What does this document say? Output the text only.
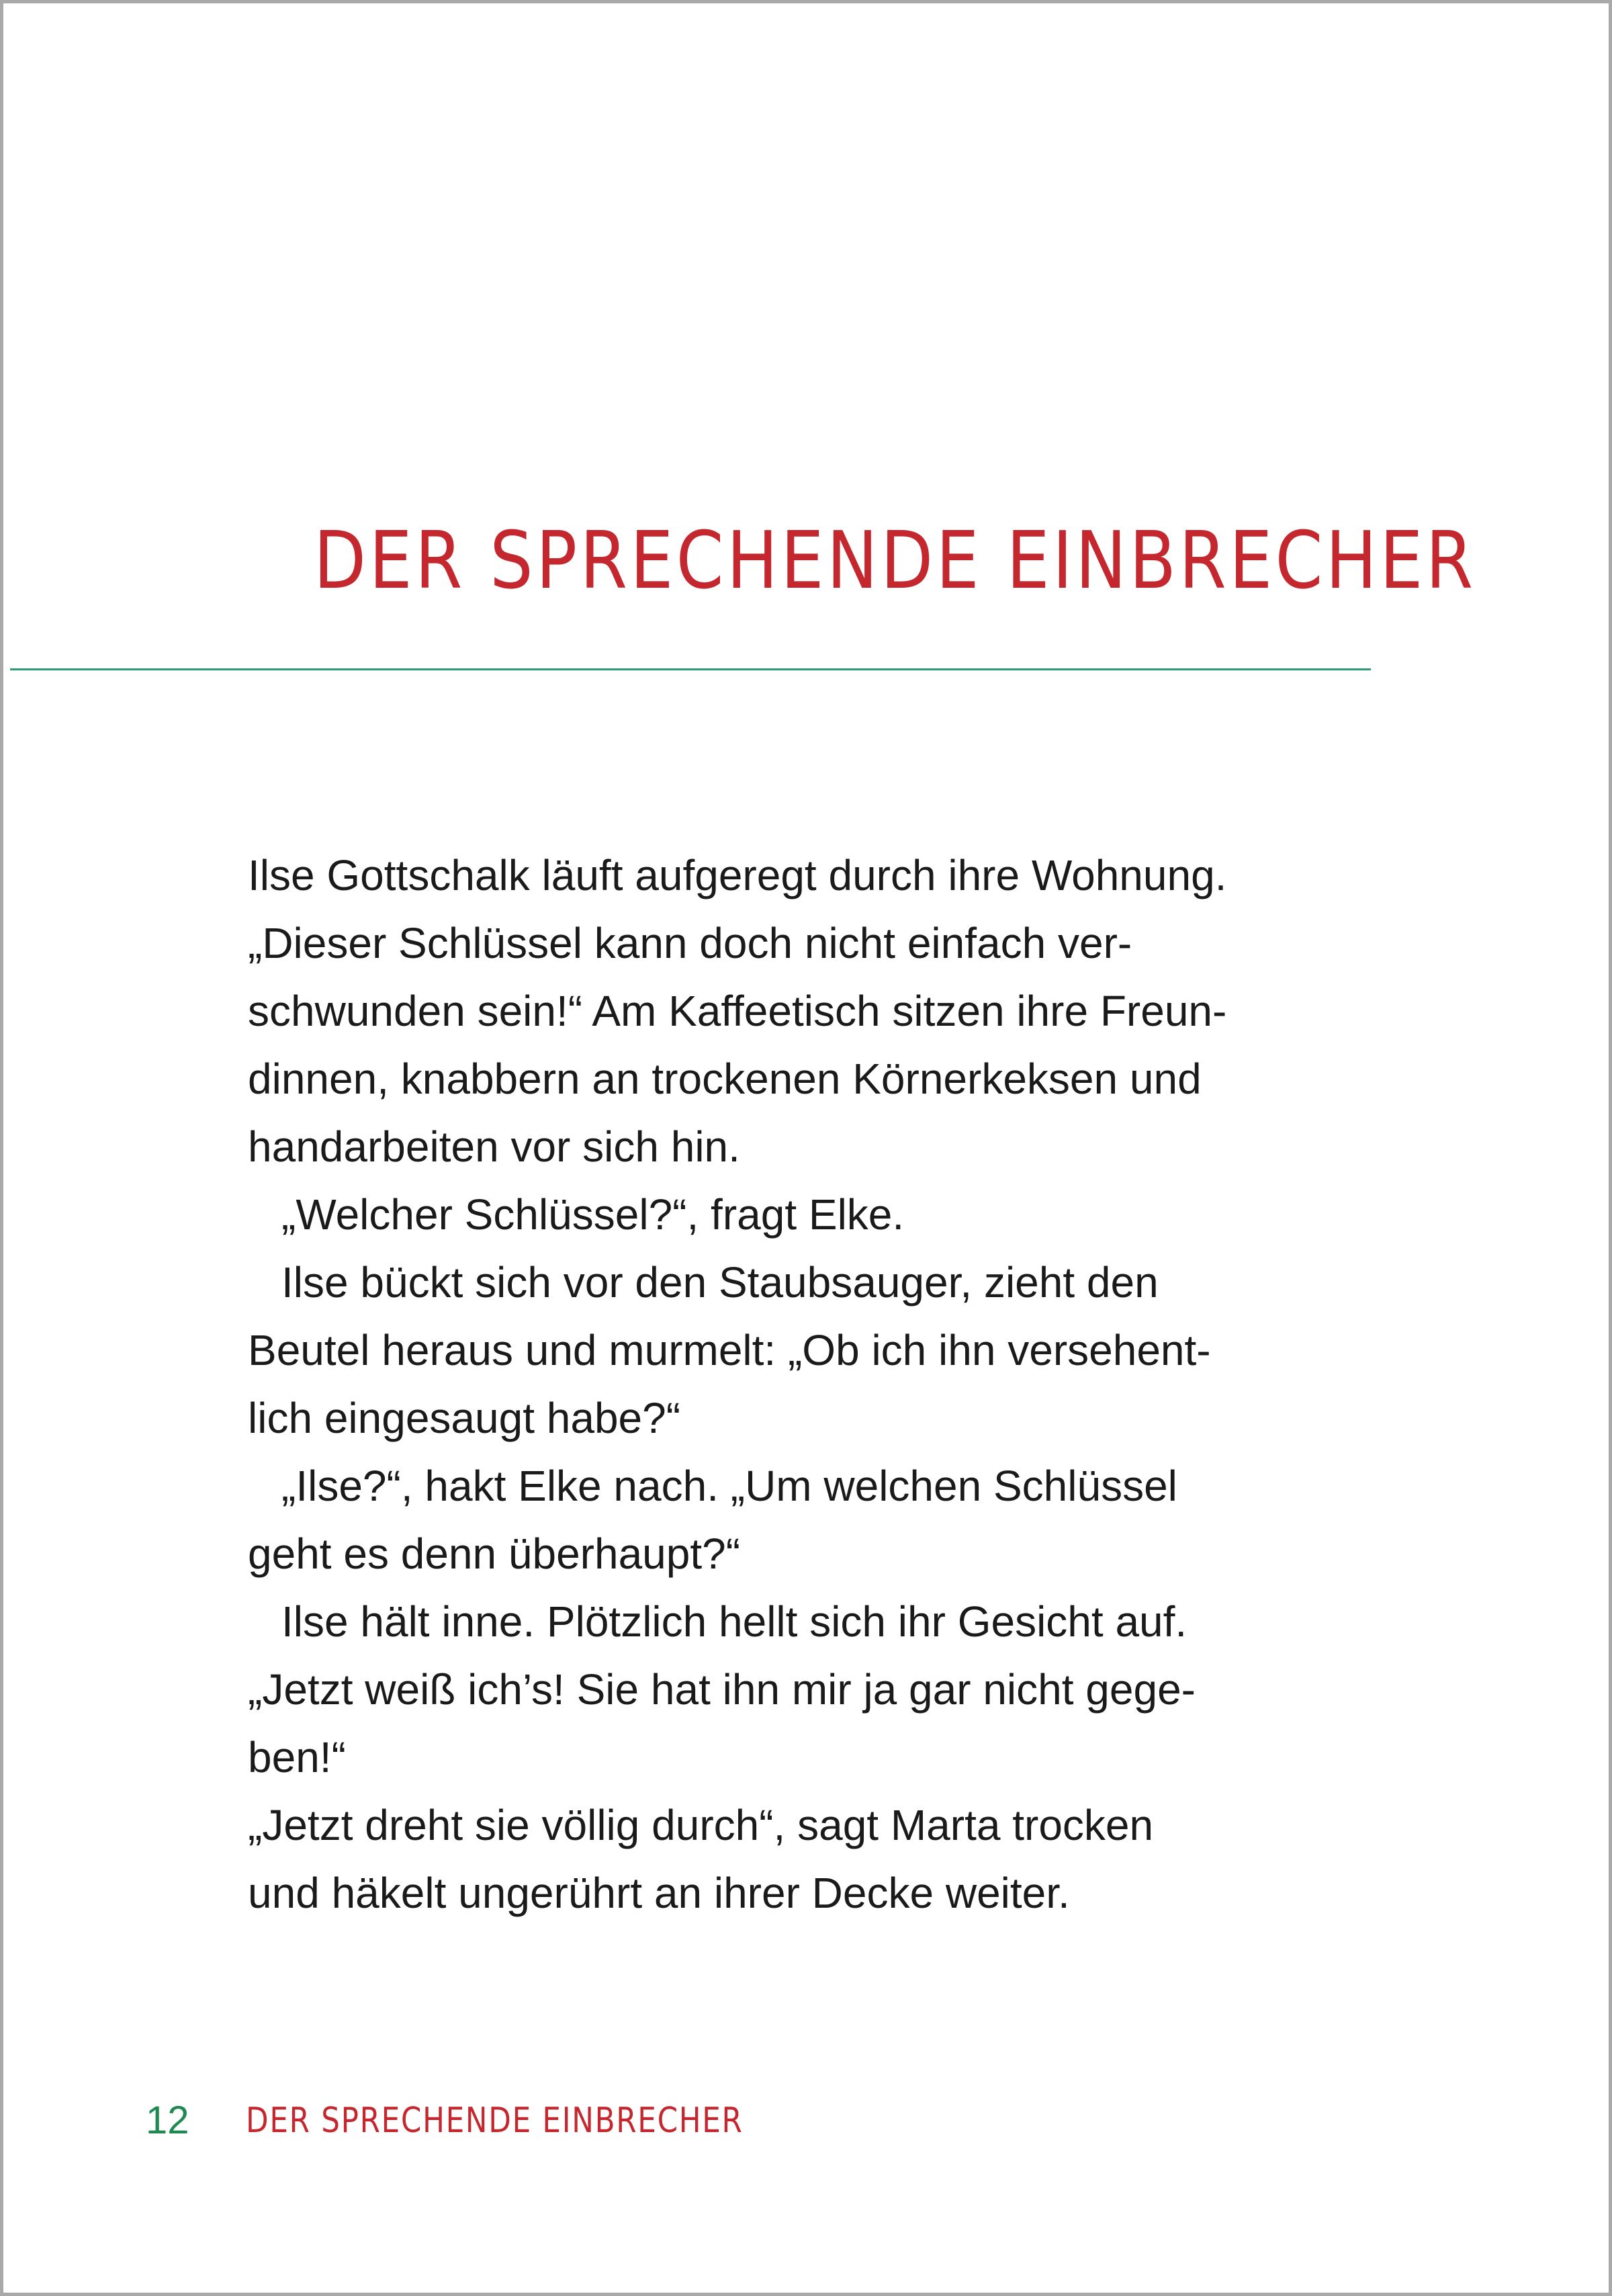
DER SPRECHENDE EINBRECHER
Ilse Gottschalk läuft aufgeregt durch ihre Wohnung.
„Dieser Schlüssel kann doch nicht einfach ver-
schwunden sein!“ Am Kaffeetisch sitzen ihre Freun-
dinnen, knabbern an trockenen Körnerkeksen und
handarbeiten vor sich hin.
„Welcher Schlüssel?“, fragt Elke.
Ilse bückt sich vor den Staubsauger, zieht den
Beutel heraus und murmelt: „Ob ich ihn versehent-
lich eingesaugt habe?“
„Ilse?“, hakt Elke nach. „Um welchen Schlüssel
geht es denn überhaupt?“
Ilse hält inne. Plötzlich hellt sich ihr Gesicht auf.
„Jetzt weiß ich’s! Sie hat ihn mir ja gar nicht gege-
ben!“
„Jetzt dreht sie völlig durch“, sagt Marta trocken
und häkelt ungerührt an ihrer Decke weiter.
12 DER SPRECHENDE EINBRECHER
